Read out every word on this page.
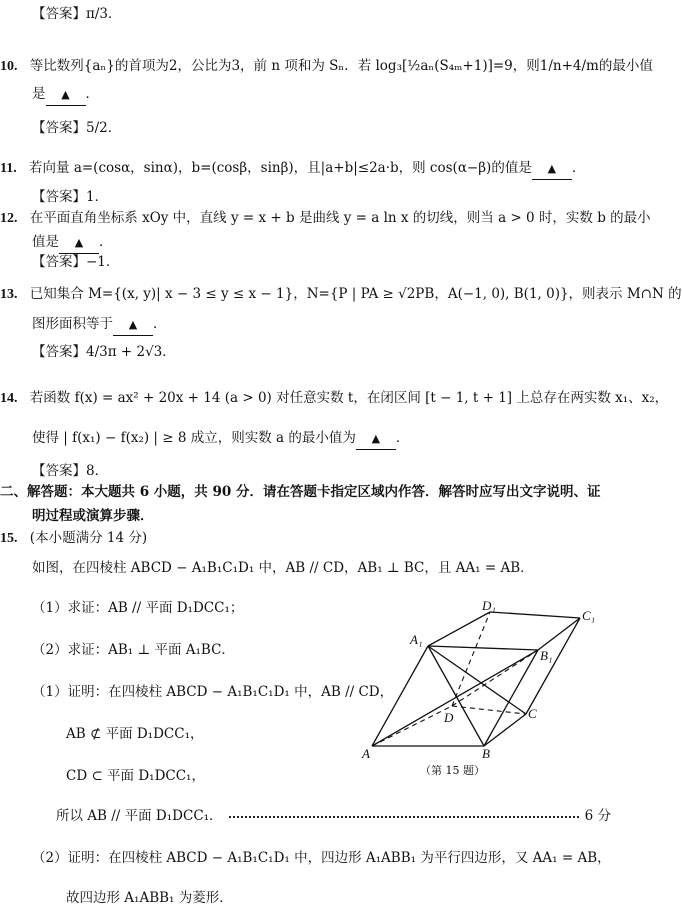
【答案】π/3．
10. 等比数列{aₙ}的首项为2，公比为3，前 n 项和为 Sₙ．若 log₃[½aₙ(S₄ₘ+1)]=9，则1/n+4/m的最小值
是 ▲ ．
【答案】5/2．
11. 若向量 a=(cosα，sinα)，b=(cosβ，sinβ)，且|a+b|≤2a·b，则 cos(α−β)的值是 ▲ ．
【答案】1．
12. 在平面直角坐标系 xOy 中，直线 y = x + b 是曲线 y = a ln x 的切线，则当 a > 0 时，实数 b 的最小
值是 ▲ ．
【答案】−1．
13. 已知集合 M={(x, y)| x − 3 ≤ y ≤ x − 1}，N={P | PA ≥ √2PB，A(−1, 0), B(1, 0)}，则表示 M∩N 的
图形面积等于 ▲ ．
【答案】4/3π + 2√3．
14. 若函数 f(x) = ax² + 20x + 14 (a > 0) 对任意实数 t，在闭区间 [t − 1, t + 1] 上总存在两实数 x₁、x₂，
使得 | f(x₁) − f(x₂) | ≥ 8 成立，则实数 a 的最小值为 ▲ ．
【答案】8．
二、解答题：本大题共 6 小题，共 90 分．请在答题卡指定区域内作答．解答时应写出文字说明、证
明过程或演算步骤．
15. (本小题满分 14 分)
如图，在四棱柱 ABCD − A₁B₁C₁D₁ 中，AB // CD，AB₁ ⊥ BC，且 AA₁ = AB．
（1）求证：AB // 平面 D₁DCC₁；
（2）求证：AB₁ ⊥ 平面 A₁BC．
（1）证明：在四棱柱 ABCD − A₁B₁C₁D₁ 中，AB // CD，
AB ⊄ 平面 D₁DCC₁，
CD ⊂ 平面 D₁DCC₁，
所以 AB // 平面 D₁DCC₁．	6 分
（2）证明：在四棱柱 ABCD − A₁B₁C₁D₁ 中，四边形 A₁ABB₁ 为平行四边形，又 AA₁ = AB，
故四边形 A₁ABB₁ 为菱形．
D₁
C₁
A₁
B₁
D	C
A	B
（第 15 题）
